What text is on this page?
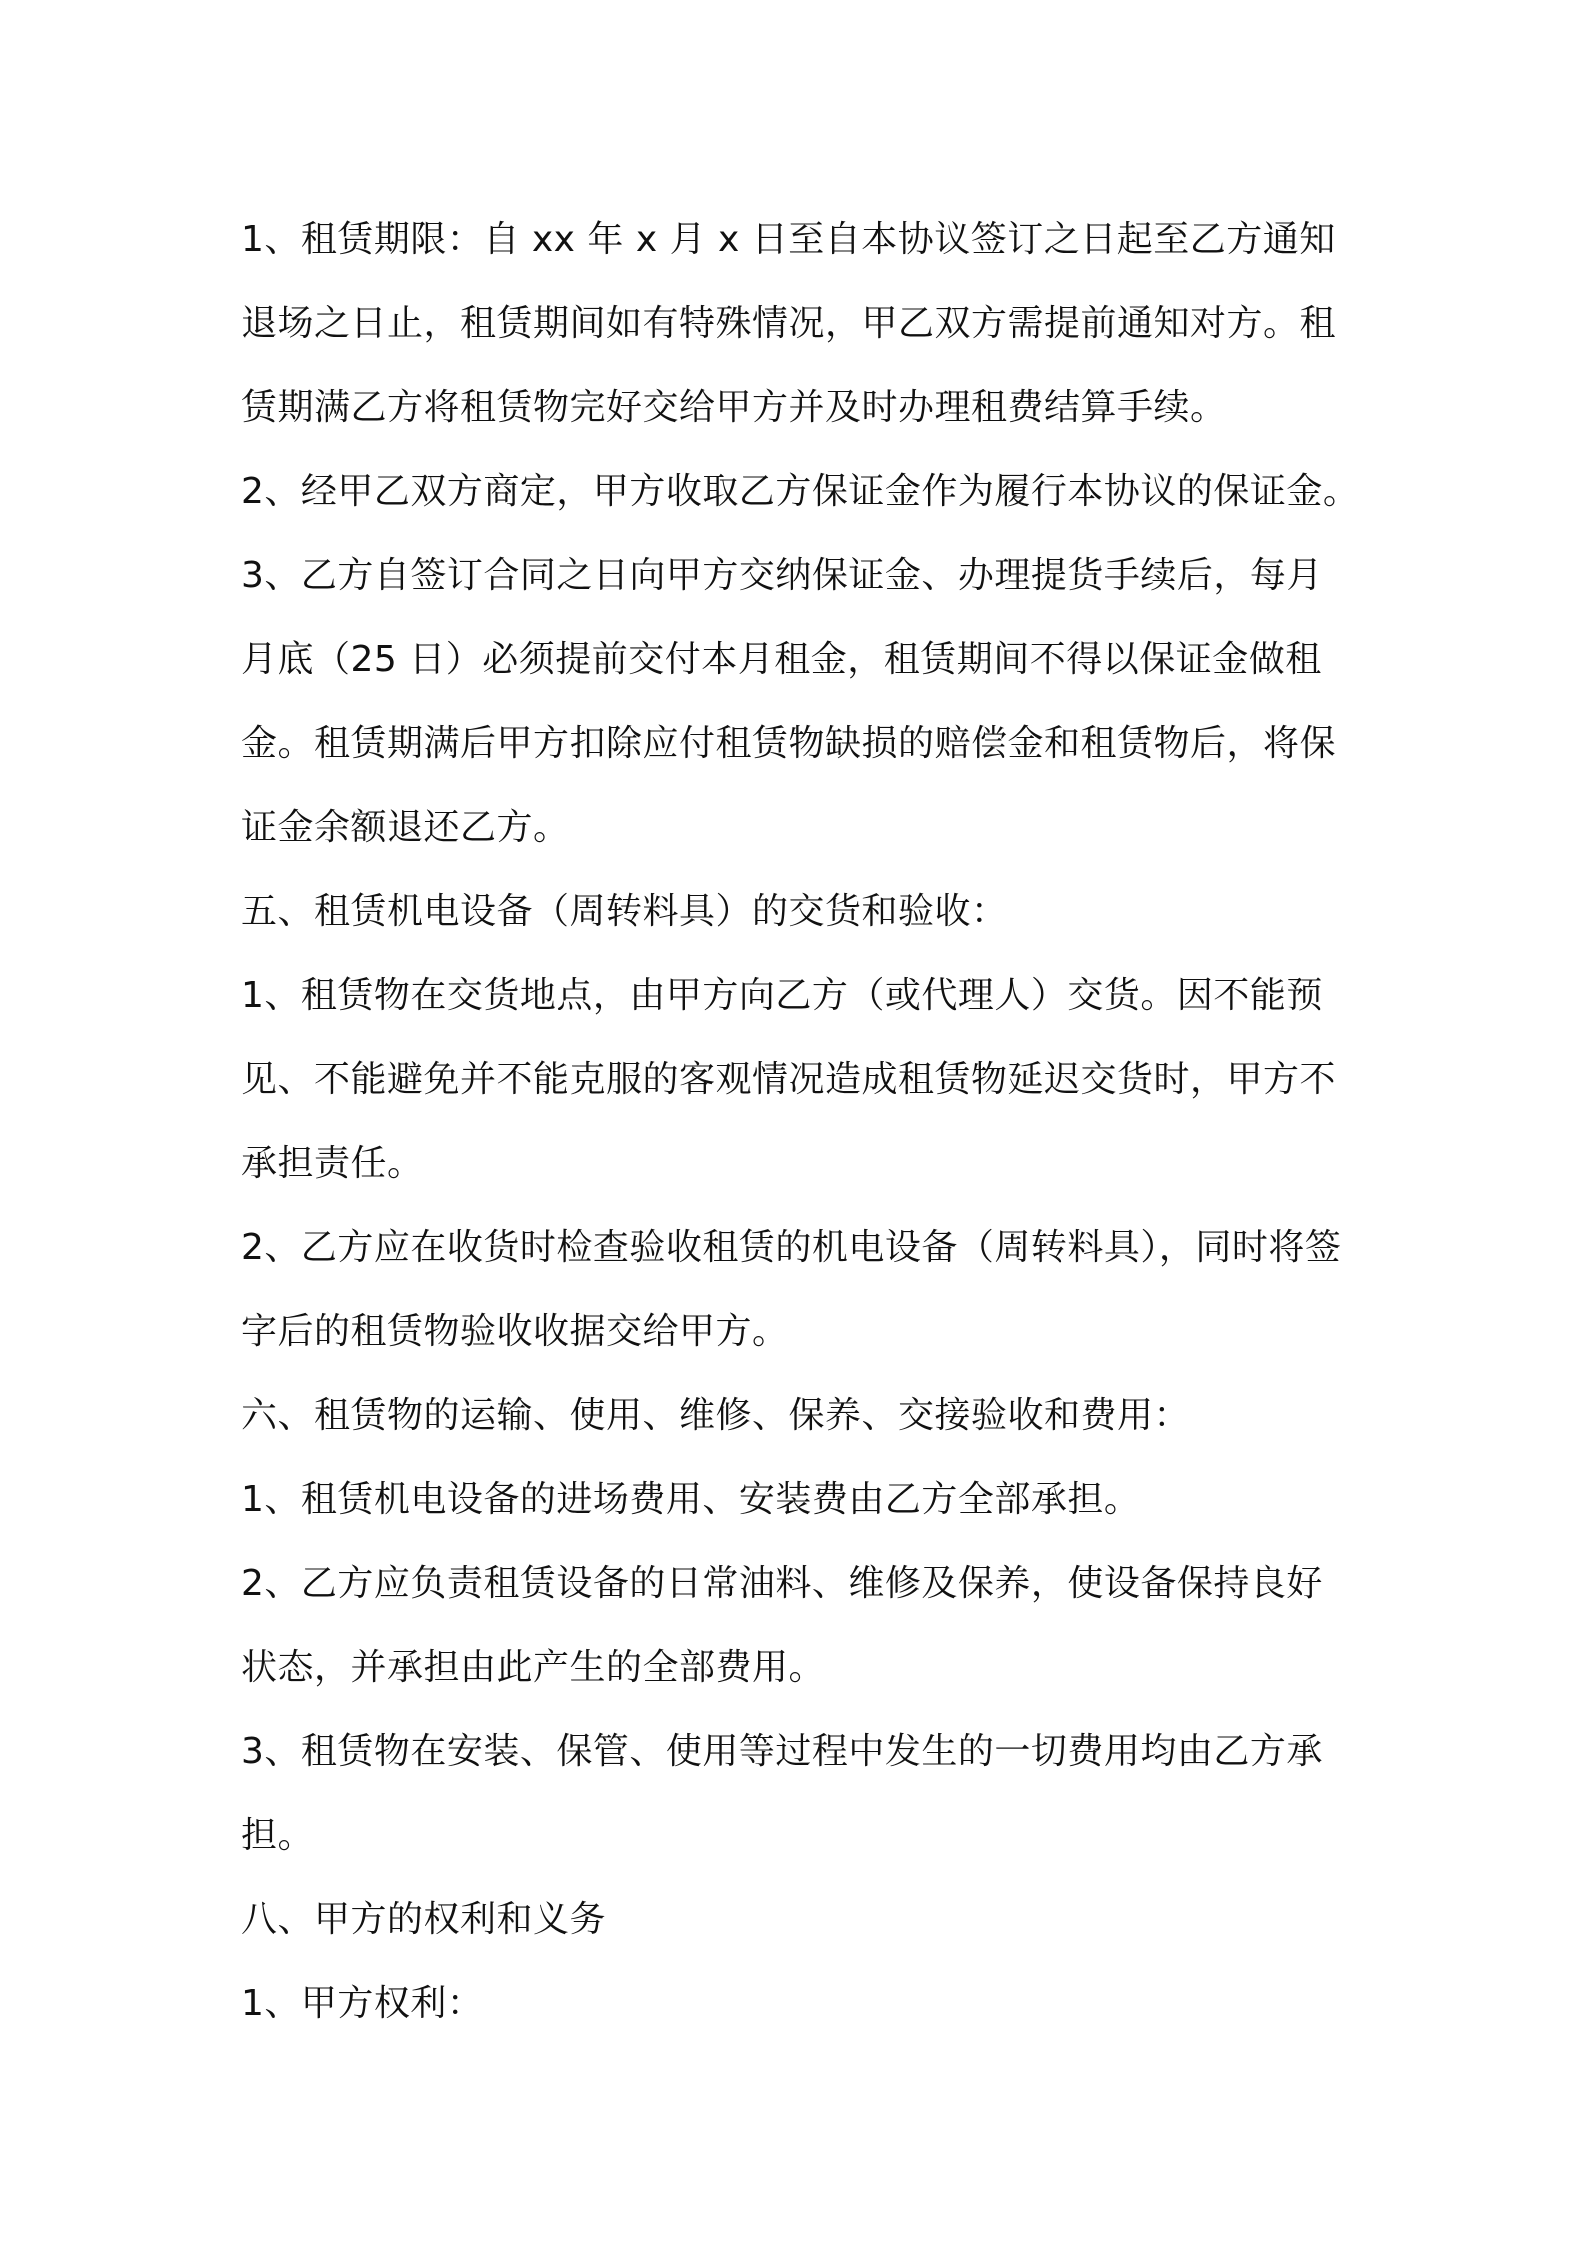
1、租赁期限：自 xx 年 x 月 x 日至自本协议签订之日起至乙方通知
退场之日止，租赁期间如有特殊情况，甲乙双方需提前通知对方。租
赁期满乙方将租赁物完好交给甲方并及时办理租费结算手续。
2、经甲乙双方商定，甲方收取乙方保证金作为履行本协议的保证金。
3、乙方自签订合同之日向甲方交纳保证金、办理提货手续后，每月
月底（25 日）必须提前交付本月租金，租赁期间不得以保证金做租
金。租赁期满后甲方扣除应付租赁物缺损的赔偿金和租赁物后，将保
证金余额退还乙方。
五、租赁机电设备（周转料具）的交货和验收：
1、租赁物在交货地点，由甲方向乙方（或代理人）交货。因不能预
见、不能避免并不能克服的客观情况造成租赁物延迟交货时，甲方不
承担责任。
2、乙方应在收货时检查验收租赁的机电设备（周转料具），同时将签
字后的租赁物验收收据交给甲方。
六、租赁物的运输、使用、维修、保养、交接验收和费用：
1、租赁机电设备的进场费用、安装费由乙方全部承担。
2、乙方应负责租赁设备的日常油料、维修及保养，使设备保持良好
状态，并承担由此产生的全部费用。
3、租赁物在安装、保管、使用等过程中发生的一切费用均由乙方承
担。
八、甲方的权利和义务
1、甲方权利：
